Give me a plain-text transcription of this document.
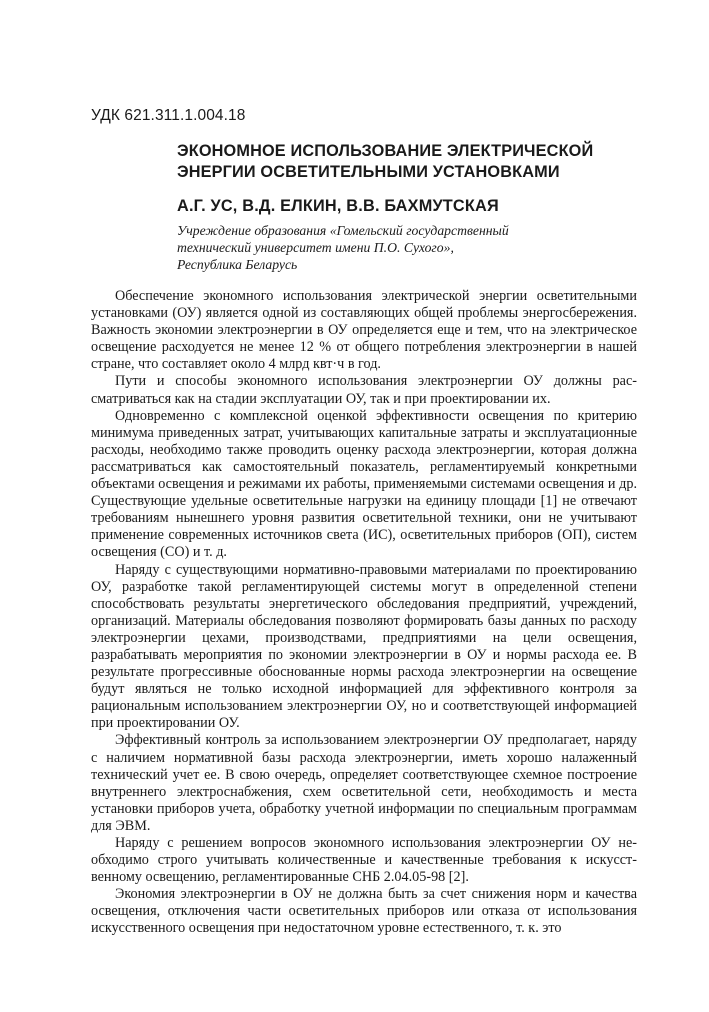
УДК 621.311.1.004.18
ЭКОНОМНОЕ ИСПОЛЬЗОВАНИЕ ЭЛЕКТРИЧЕСКОЙ
ЭНЕРГИИ ОСВЕТИТЕЛЬНЫМИ УСТАНОВКАМИ
А.Г. УС, В.Д. ЕЛКИН, В.В. БАХМУТСКАЯ
Учреждение образования «Гомельский государственный
технический университет имени П.О. Сухого»,
Республика Беларусь

Обеспечение экономного использования электрической энергии осветительными установками (ОУ) является одной из составляющих общей проблемы энергосбережения. Важность экономии электроэнергии в ОУ определяется еще и тем, что на электрическое освещение расходуется не менее 12 % от общего потребления электроэнергии в нашей стране, что составляет около 4 млрд квт·ч в год.

Пути и способы экономного использования электроэнергии ОУ должны рассматриваться как на стадии эксплуатации ОУ, так и при проектировании их.

Одновременно с комплексной оценкой эффективности освещения по критерию минимума приведенных затрат, учитывающих капитальные затраты и эксплуатационные расходы, необходимо также проводить оценку расхода электроэнергии, которая должна рассматриваться как самостоятельный показатель, регламентируемый конкретными объектами освещения и режимами их работы, применяемыми системами освещения и др. Существующие удельные осветительные нагрузки на единицу площади [1] не отвечают требованиям нынешнего уровня развития осветительной техники, они не учитывают применение современных источников света (ИС), осветительных приборов (ОП), систем освещения (СО) и т. д.

Наряду с существующими нормативно-правовыми материалами по проектированию ОУ, разработке такой регламентирующей системы могут в определенной степени способствовать результаты энергетического обследования предприятий, учреждений, организаций. Материалы обследования позволяют формировать базы данных по расходу электроэнергии цехами, производствами, предприятиями на цели освещения, разрабатывать мероприятия по экономии электроэнергии в ОУ и нормы расхода ее. В результате прогрессивные обоснованные нормы расхода электроэнергии на освещение будут являться не только исходной информацией для эффективного контроля за рациональным использованием электроэнергии ОУ, но и соответствующей информацией при проектировании ОУ.

Эффективный контроль за использованием электроэнергии ОУ предполагает, наряду с наличием нормативной базы расхода электроэнергии, иметь хорошо налаженный технический учет ее. В свою очередь, определяет соответствующее схемное построение внутреннего электроснабжения, схем осветительной сети, необходимость и места установки приборов учета, обработку учетной информации по специальным программам для ЭВМ.

Наряду с решением вопросов экономного использования электроэнергии ОУ необходимо строго учитывать количественные и качественные требования к искусственному освещению, регламентированные СНБ 2.04.05-98 [2].

Экономия электроэнергии в ОУ не должна быть за счет снижения норм и качества освещения, отключения части осветительных приборов или отказа от использования искусственного освещения при недостаточном уровне естественного, т. к. это
